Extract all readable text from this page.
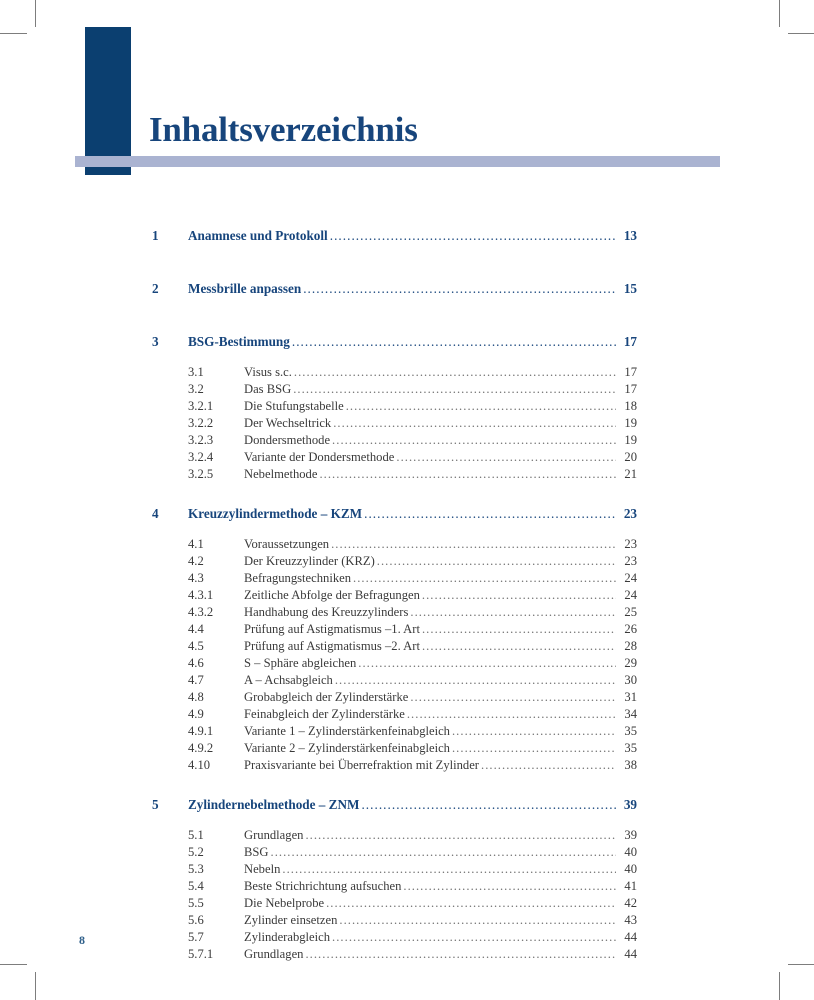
Inhaltsverzeichnis
1	Anamnese und Protokoll .....	13
2	Messbrille anpassen .....	15
3	BSG-Bestimmung .....	17
3.1	Visus s.c. .....	17
3.2	Das BSG .....	17
3.2.1	Die Stufungstabelle .....	18
3.2.2	Der Wechseltrick .....	19
3.2.3	Dondersmethode .....	19
3.2.4	Variante der Dondersmethode .....	20
3.2.5	Nebelmethode .....	21
4	Kreuzzylindermethode – KZM .....	23
4.1	Voraussetzungen .....	23
4.2	Der Kreuzzylinder (KRZ) .....	23
4.3	Befragungstechniken .....	24
4.3.1	Zeitliche Abfolge der Befragungen .....	24
4.3.2	Handhabung des Kreuzzylinders .....	25
4.4	Prüfung auf Astigmatismus –1. Art .....	26
4.5	Prüfung auf Astigmatismus –2. Art .....	28
4.6	S – Sphäre abgleichen .....	29
4.7	A – Achsabgleich .....	30
4.8	Grobabgleich der Zylinderstärke .....	31
4.9	Feinabgleich der Zylinderstärke .....	34
4.9.1	Variante 1 – Zylinderstärkenfeinabgleich .....	35
4.9.2	Variante 2 – Zylinderstärkenfeinabgleich .....	35
4.10	Praxisvariante bei Überrefraktion mit Zylinder .....	38
5	Zylindernebelmethode – ZNM .....	39
5.1	Grundlagen .....	39
5.2	BSG .....	40
5.3	Nebeln .....	40
5.4	Beste Strichrichtung aufsuchen .....	41
5.5	Die Nebelprobe .....	42
5.6	Zylinder einsetzen .....	43
5.7	Zylinderabgleich .....	44
5.7.1	Grundlagen .....	44
8
